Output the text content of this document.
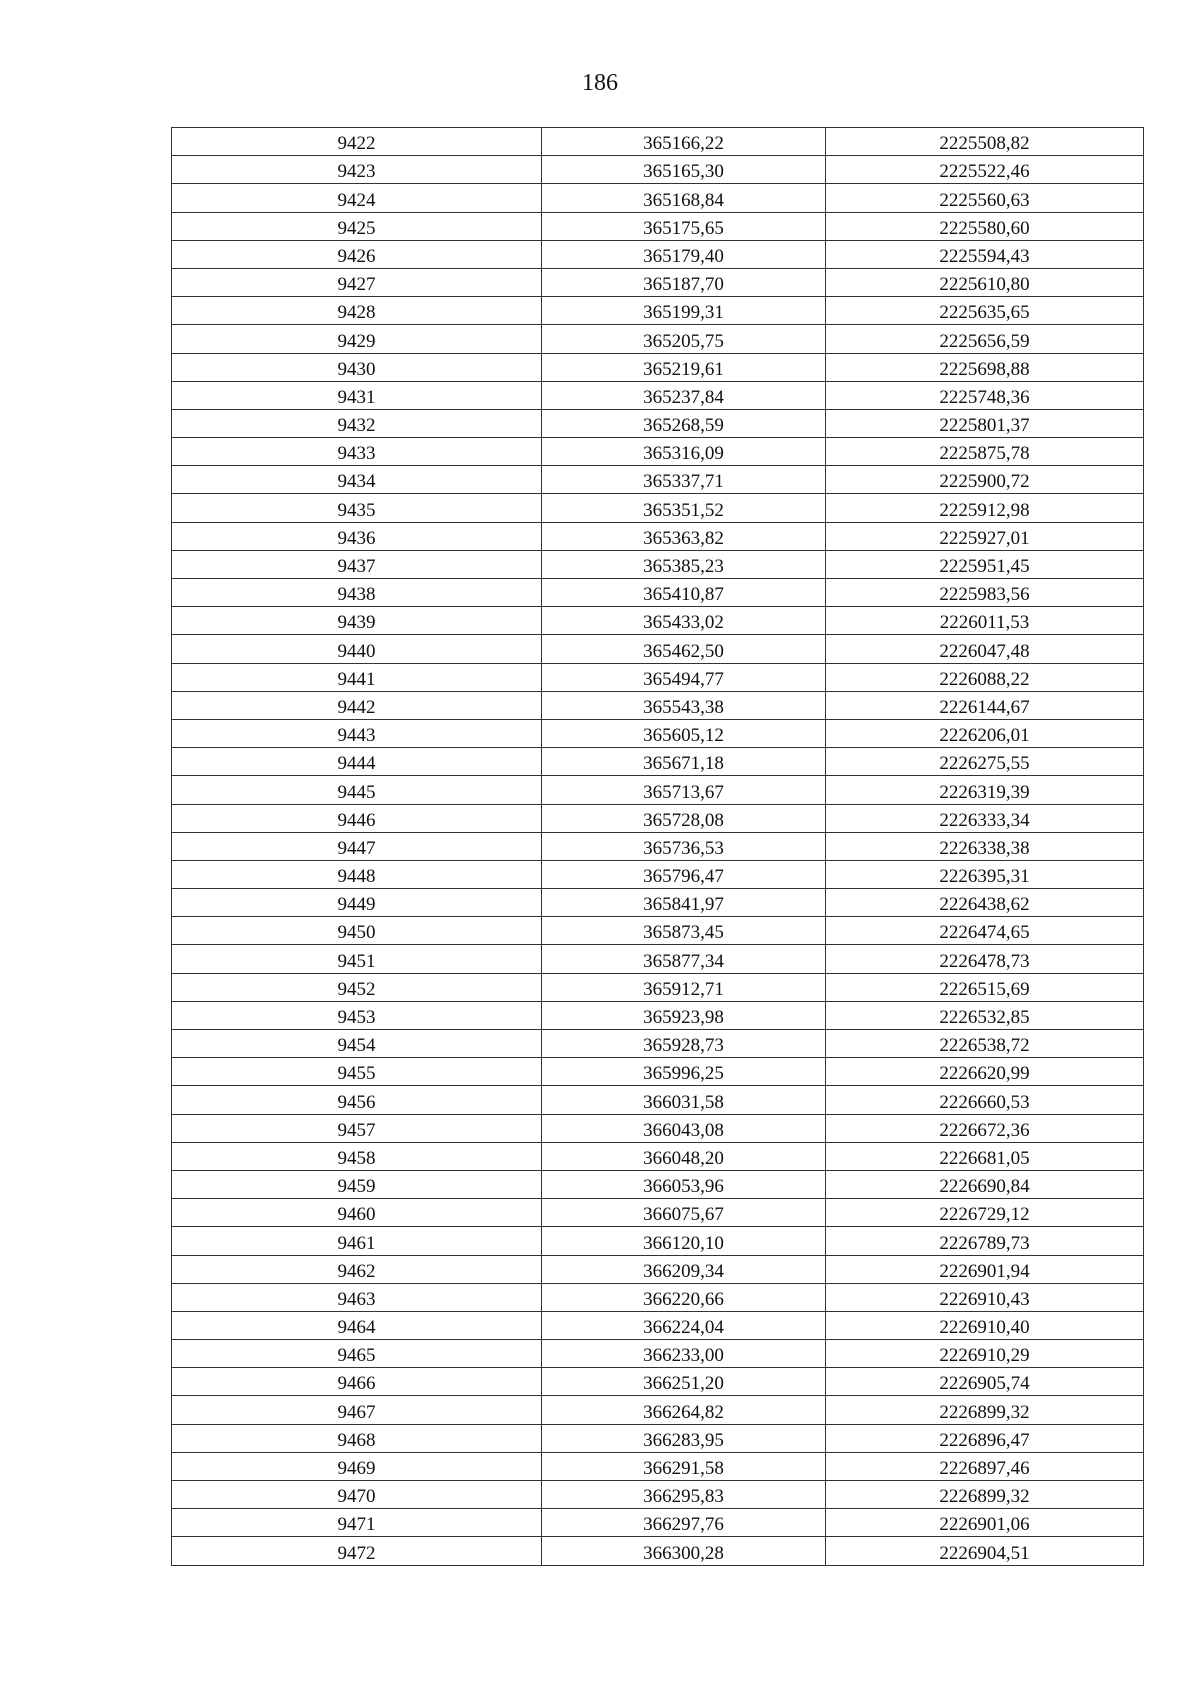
186
9422	365166,22	2225508,82
9423	365165,30	2225522,46
9424	365168,84	2225560,63
9425	365175,65	2225580,60
9426	365179,40	2225594,43
9427	365187,70	2225610,80
9428	365199,31	2225635,65
9429	365205,75	2225656,59
9430	365219,61	2225698,88
9431	365237,84	2225748,36
9432	365268,59	2225801,37
9433	365316,09	2225875,78
9434	365337,71	2225900,72
9435	365351,52	2225912,98
9436	365363,82	2225927,01
9437	365385,23	2225951,45
9438	365410,87	2225983,56
9439	365433,02	2226011,53
9440	365462,50	2226047,48
9441	365494,77	2226088,22
9442	365543,38	2226144,67
9443	365605,12	2226206,01
9444	365671,18	2226275,55
9445	365713,67	2226319,39
9446	365728,08	2226333,34
9447	365736,53	2226338,38
9448	365796,47	2226395,31
9449	365841,97	2226438,62
9450	365873,45	2226474,65
9451	365877,34	2226478,73
9452	365912,71	2226515,69
9453	365923,98	2226532,85
9454	365928,73	2226538,72
9455	365996,25	2226620,99
9456	366031,58	2226660,53
9457	366043,08	2226672,36
9458	366048,20	2226681,05
9459	366053,96	2226690,84
9460	366075,67	2226729,12
9461	366120,10	2226789,73
9462	366209,34	2226901,94
9463	366220,66	2226910,43
9464	366224,04	2226910,40
9465	366233,00	2226910,29
9466	366251,20	2226905,74
9467	366264,82	2226899,32
9468	366283,95	2226896,47
9469	366291,58	2226897,46
9470	366295,83	2226899,32
9471	366297,76	2226901,06
9472	366300,28	2226904,51
